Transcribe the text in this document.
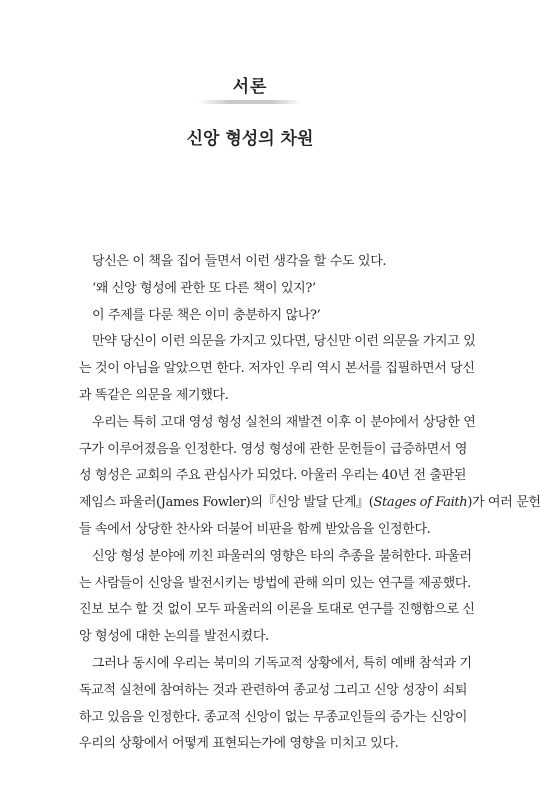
서론
신앙 형성의 차원
당신은 이 책을 집어 들면서 이런 생각을 할 수도 있다.
‘왜 신앙 형성에 관한 또 다른 책이 있지?’
이 주제를 다룬 책은 이미 충분하지 않나?’
만약 당신이 이런 의문을 가지고 있다면, 당신만 이런 의문을 가지고 있
는 것이 아님을 알았으면 한다. 저자인 우리 역시 본서를 집필하면서 당신
과 똑같은 의문을 제기했다.
우리는 특히 고대 영성 형성 실천의 재발견 이후 이 분야에서 상당한 연
구가 이루어졌음을 인정한다. 영성 형성에 관한 문헌들이 급증하면서 영
성 형성은 교회의 주요 관심사가 되었다. 아울러 우리는 40년 전 출판된
제임스 파울러(James Fowler)의『신앙 발달 단계』(Stages of Faith)가 여러 문헌
들 속에서 상당한 찬사와 더불어 비판을 함께 받았음을 인정한다.
신앙 형성 분야에 끼친 파울러의 영향은 타의 추종을 불허한다. 파울러
는 사람들이 신앙을 발전시키는 방법에 관해 의미 있는 연구를 제공했다.
진보 보수 할 것 없이 모두 파울러의 이론을 토대로 연구를 진행함으로 신
앙 형성에 대한 논의를 발전시켰다.
그러나 동시에 우리는 북미의 기독교적 상황에서, 특히 예배 참석과 기
독교적 실천에 참여하는 것과 관련하여 종교성 그리고 신앙 성장이 쇠퇴
하고 있음을 인정한다. 종교적 신앙이 없는 무종교인들의 증가는 신앙이
우리의 상황에서 어떻게 표현되는가에 영향을 미치고 있다.
